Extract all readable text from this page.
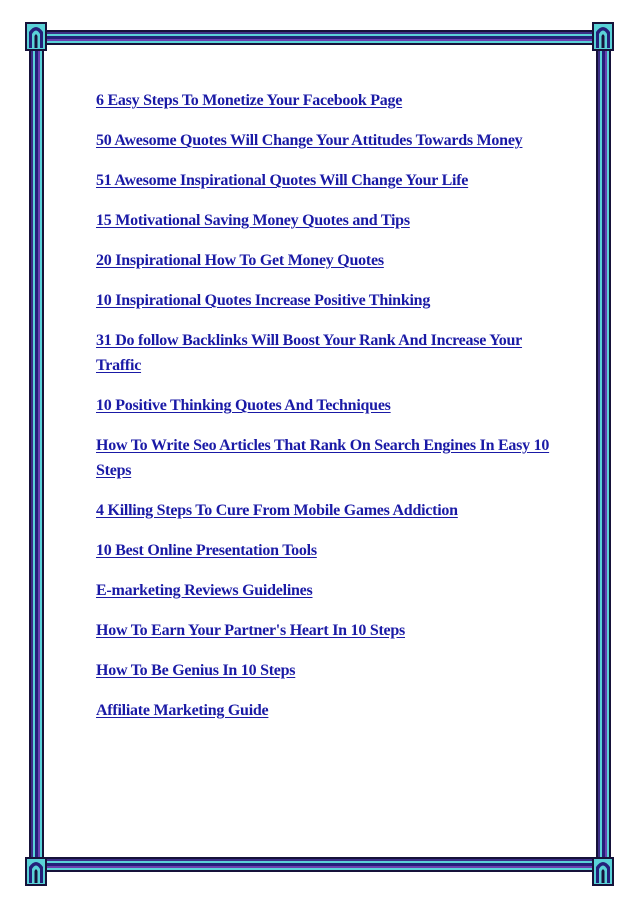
6 Easy Steps To Monetize Your Facebook Page
50 Awesome Quotes Will Change Your Attitudes Towards Money
51 Awesome Inspirational Quotes Will Change Your Life
15 Motivational Saving Money Quotes and Tips
20 Inspirational How To Get Money Quotes
10 Inspirational Quotes Increase Positive Thinking
31 Do follow Backlinks Will Boost Your Rank And Increase Your Traffic
10 Positive Thinking Quotes And Techniques
How To Write Seo Articles That Rank On Search Engines In Easy 10 Steps
4 Killing Steps To Cure From Mobile Games Addiction
10 Best Online Presentation Tools
E-marketing Reviews Guidelines
How To Earn Your Partner's Heart In 10 Steps
How To Be Genius In 10 Steps
Affiliate Marketing Guide
